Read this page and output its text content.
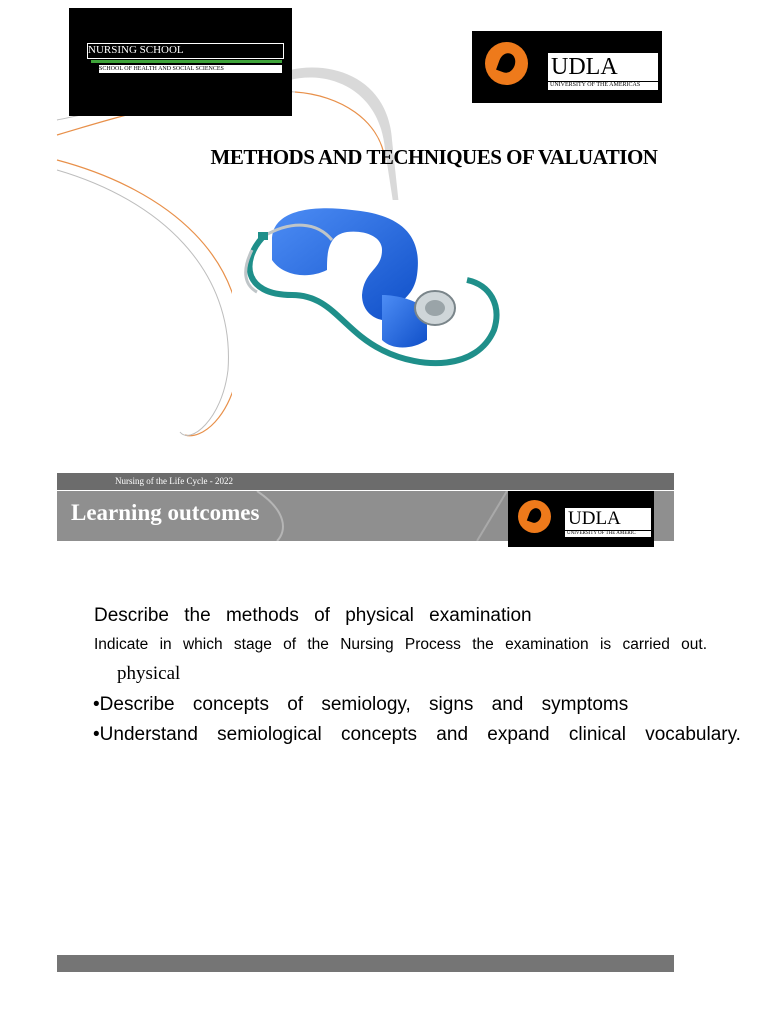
NURSING SCHOOL
SCHOOL OF HEALTH AND SOCIAL SCIENCES	UDLA
UNIVERSITY OF THE AMERICAS
METHODS AND TECHNIQUES OF VALUATION
Nursing of the Life Cycle - 2022
Learning outcomes	UDLA
UNIVERSITY OF THE AMERIC
Describe the methods of physical examination
Indicate in which stage of the Nursing Process the examination is carried out.
physical
•Describe concepts of semiology, signs and symptoms
•Understand semiological concepts and expand clinical vocabulary.
